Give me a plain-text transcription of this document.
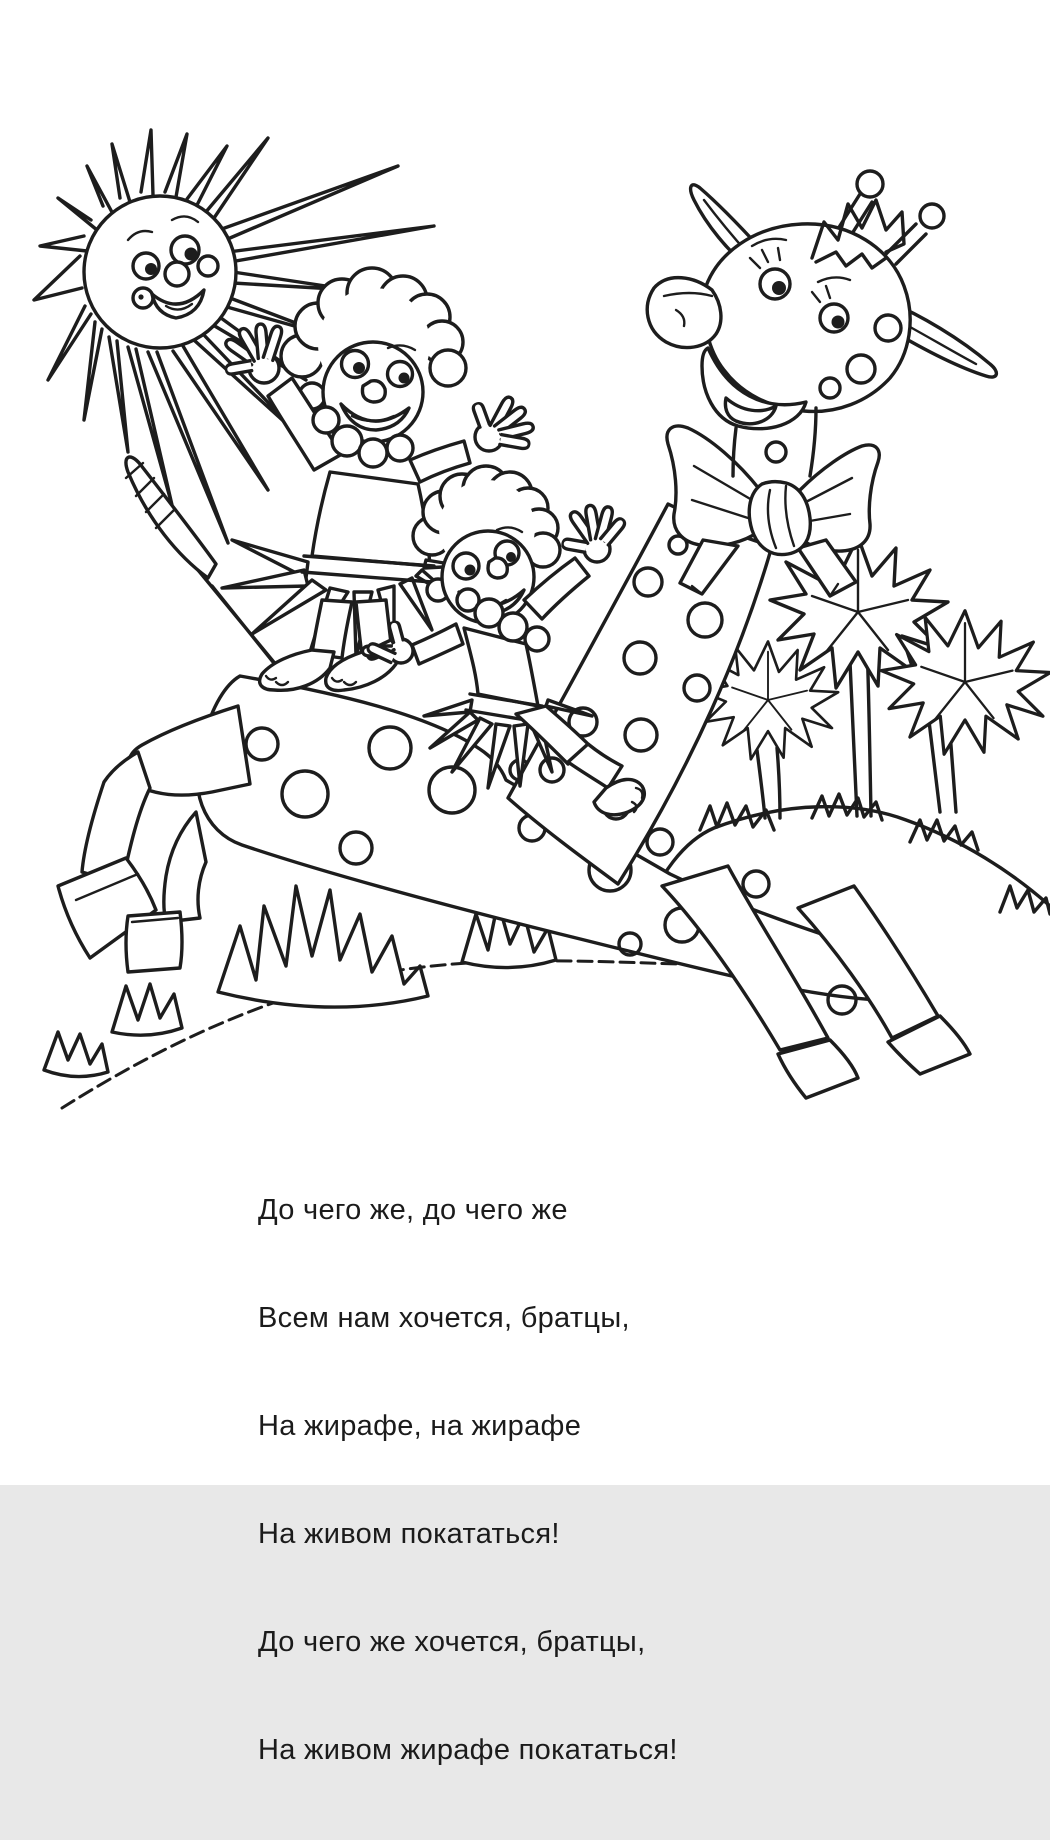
До чего же, до чего же

Всем нам хочется, братцы,

На жирафе, на жирафе

На живом покататься!

До чего же хочется, братцы,

На живом жирафе покататься!
